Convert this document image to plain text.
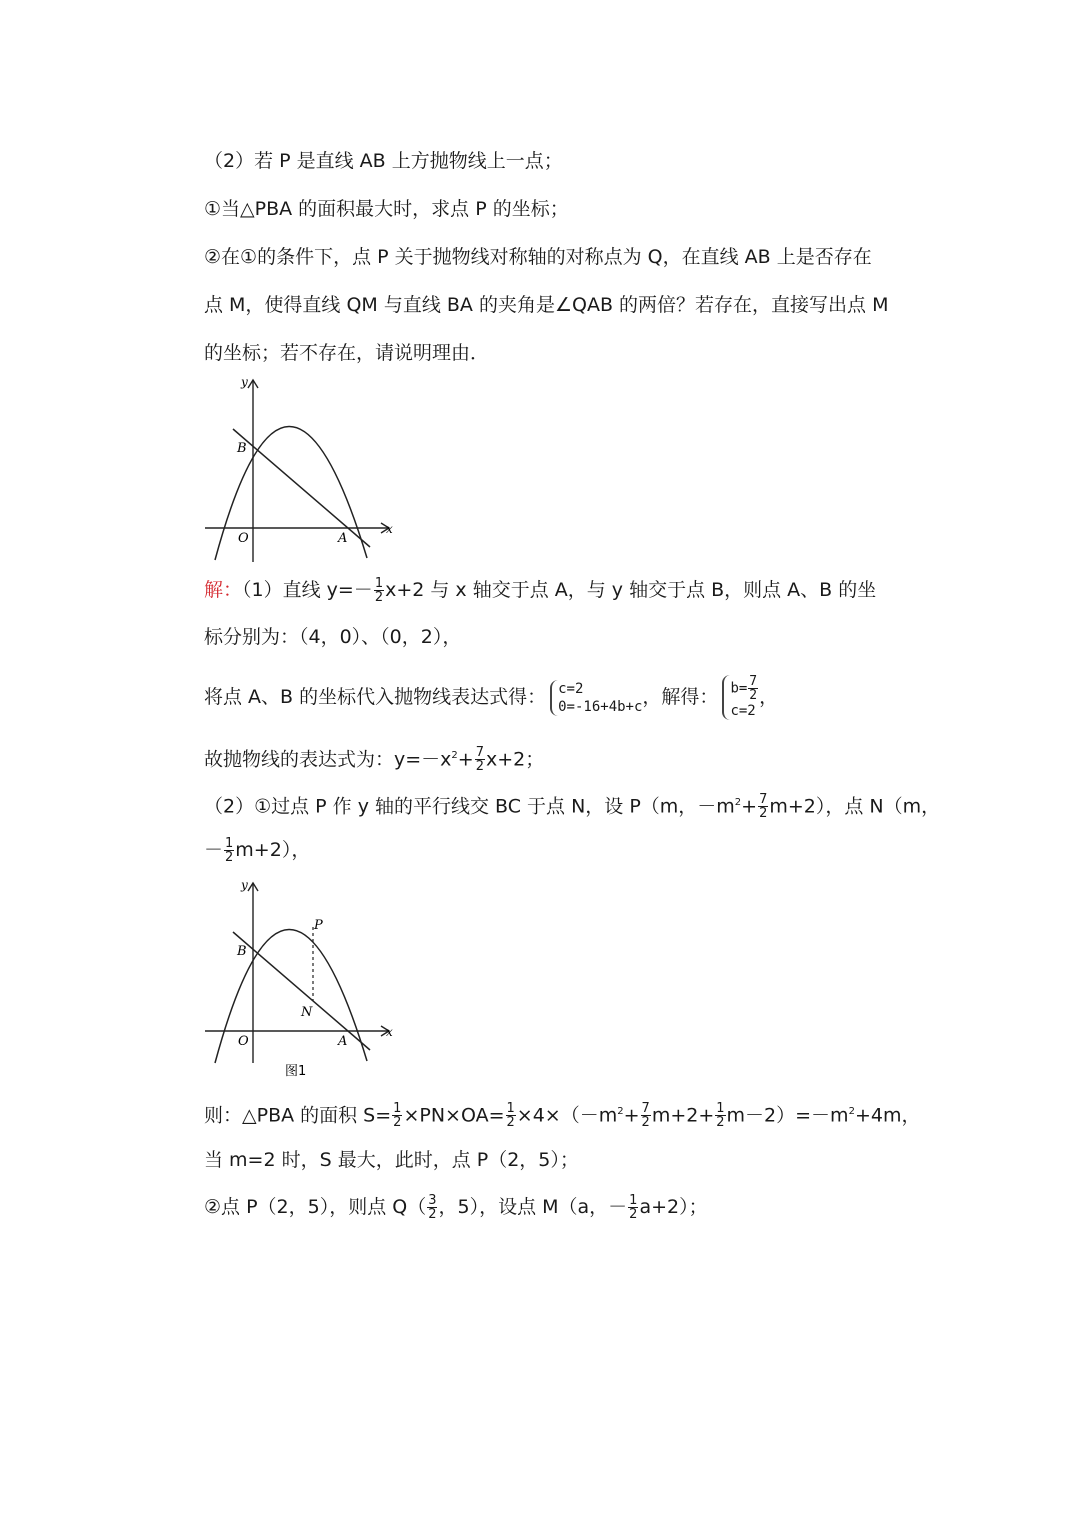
（2）若 P 是直线 AB 上方抛物线上一点；
①当△PBA 的面积最大时，求点 P 的坐标；
②在①的条件下，点 P 关于抛物线对称轴的对称点为 Q，在直线 AB 上是否存在
点 M，使得直线 QM 与直线 BA 的夹角是∠QAB 的两倍？若存在，直接写出点 M
的坐标；若不存在，请说明理由．
y
x
B
O	A
解：（1）直线 $y=- \frac{1}{2} x+2$ 与 x 轴交于点 A，与 y 轴交于点 B，则点 A、B 的坐
标分别为：（4，0）、（0，2），
将点 A、B 的坐标代入抛物线表达式得： c=2
0=-16+4b+c ，解得： $b= \frac{7}{2}$
c=2
，
故抛物线的表达式为：$y=-x^2+ \frac{7}{2} x+2$；
（2）①过点 P 作 y 轴的平行线交 BC 于点 N，设 P（m，$-m^2+ \frac{7}{2} m+2$），点 N（m，
－ $\frac{1}{2} m+2$），
y
x
B
O	A
P
N
图1
则：△PBA 的面积 $S= \frac{1}{2} \times PN\times OA= \frac{1}{2} \times 4\times(-m^2+ \frac{7}{2} m+2+ \frac{1}{2} m-2)=-m^2+4m$，
当 m=2 时，S 最大，此时，点 P（2，5）；
②点 P（2，5），则点 $Q( \frac{3}{2}$ ，5），设点 M（a，－ $\frac{1}{2} a+2$）；
